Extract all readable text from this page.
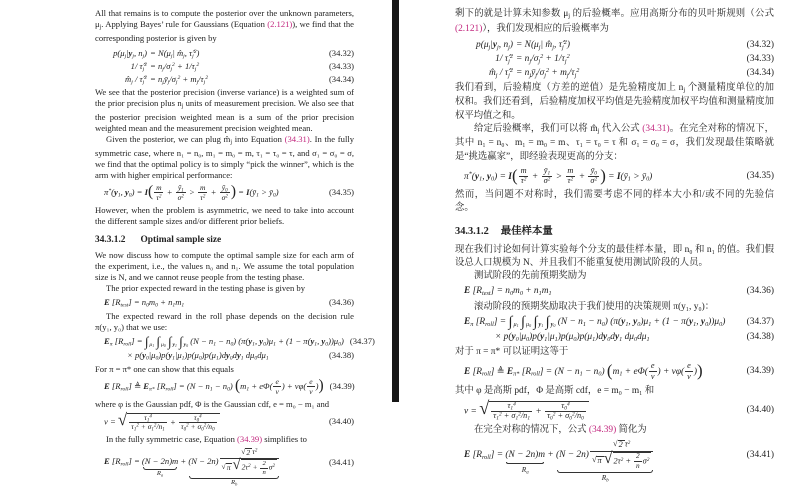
All that remains is to compute the posterior over the unknown parameters, μj. Applying Bayes’ rule for Gaussians (Equation (2.121)), we find that the corresponding posterior is given by

$p(\mu_j|y_j$, $n_j) = N(\mu_j|$ $m̂_j$, $\taû_j^2$)	(34.32)
1/ $\taû_j^2 = n_j/\sigma_j^2 + 1/\tau_j^2$	(34.33)
$m̂_j$ / $\taû_j^2$ = $n_jȳ_j/\sigma_j^2 + m_j/\tau_j^2$	(34.34)

We see that the posterior precision (inverse variance) is a weighted sum of the prior precision plus nj units of measurement precision. We also see that the posterior precision weighted mean is a sum of the prior precision weighted mean and the measurement precision weighted mean.

Given the posterior, we can plug m̂j into Equation (34.31). In the fully symmetric case, where n₁ = n₀, m₁ = m₀ = m, τ₁ = τ₀ = τ, and σ₁ = σ₀ = σ, we find that the optimal policy is to simply “pick the winner”, which is the arm with higher empirical performance:

$\pi^*(y_1$, $y_0) = I( \frac{m}{\tau^2} + \frac{ȳ_1}{\sigma^2} > \frac{m}{\tau^2} + \frac{ȳ_0}{\sigma^2}$ ) = $I(ȳ_1$ > $ȳ_0$)	(34.35)

However, when the problem is asymmetric, we need to take into account the different sample sizes and/or different prior beliefs.

34.3.1.2 Optimal sample size

We now discuss how to compute the optimal sample size for each arm of the experiment, i.e., the values n₀ and n₁. We assume the total population size is N, and we cannot reuse people from the testing phase.

The prior expected reward in the testing phase is given by

E $[R_{test}] = n_0m_0 + n_1m_1$	(34.36)

The expected reward in the roll phase depends on the decision rule π(y₁, y₀) that we use:

$E_\pi$ $[R_{roll}] = \int_{\mu_1}$ $\int_{\mu_0}$ $\int_{y_1}$ $\int_{y_0}$ $(N - n_1 - n_0)$ ($\pi(y_1$, $y_0)\mu_1 + (1 - \pi(y_1$, $y_0))\mu_0$) (34.37)
× $p(y_0|\mu_0)p(y_1|\mu_1)p(\mu_0)p(\mu_1)dy_0dy_1$ $d\mu_0d\mu_1$	(34.38)

For π = π* one can show that this equals

E $[R_{roll}]$ ≜ $E_{\pi*}$ $[R_{roll}] = (N - n_1 - n_0) (m_1 + e\Phi( \frac{e}{v}$ ) + $v\varphi( \frac{e}{v}$ )) (34.39)

where φ is the Gaussian pdf, Φ is the Gaussian cdf, e = m₀ − m₁ and

v = √ $\frac{\tau_1^4}{\tau_1^2 + \sigma_1^2/n_1} + \frac{\tau_0^4}{\tau_0^2 + \sigma_0^2/n_0}$	(34.40)

In the fully symmetric case, Equation (34.39) simplifies to

E $[R_{roll}] = (N - 2n)m$
$R_a$
+ $(N - 2n) \frac{√ 2 \tau^2}{√ \pi √ 2\tau^2 + \frac{2}{n} \sigma^2}$
$R_b$
(34.41)

剩下的就是计算未知参数 μj 的后验概率。应用高斯分布的贝叶斯规则（公式 (2.121)），我们发现相应的后验概率为

$p(\mu_j|y_j$, $n_j) = N(\mu_j|$ $m̂_j$, $\taû_j^2$)	(34.32)
1/ $\taû_j^2 = n_j/\sigma_j^2 + 1/\tau_j^2$	(34.33)
$m̂_j$ / $\taû_j^2$ = $n_jȳ_j/\sigma_j^2 + m_j/\tau_j^2$	(34.34)

我们看到，后验精度（方差的逆值）是先验精度加上 nj 个测量精度单位的加权和。我们还看到，后验精度加权平均值是先验精度加权平均值和测量精度加权平均值之和。

给定后验概率，我们可以将 m̂j 代入公式 (34.31)。在完全对称的情况下，其中 n₁ = n₀、m₁ = m₀ = m、τ₁ = τ₀ = τ 和 σ₁ = σ₀ = σ，我们发现最佳策略就是“挑选赢家”，即经验表现更高的分支：

$\pi^*(y_1$, $y_0) = I( \frac{m}{\tau^2} + \frac{ȳ_1}{\sigma^2} > \frac{m}{\tau^2} + \frac{ȳ_0}{\sigma^2}$ ) = $I(ȳ_1$ > $ȳ_0$)	(34.35)

然而，当问题不对称时，我们需要考虑不同的样本大小和/或不同的先验信念。

34.3.1.2 最佳样本量

现在我们讨论如何计算实验每个分支的最佳样本量，即 n₀ 和 n₁ 的值。我们假设总人口规模为 N、并且我们不能重复使用测试阶段的人员。

测试阶段的先前预期奖励为

E $[R_{test}] = n_0m_0 + n_1m_1$	(34.36)

滚动阶段的预期奖励取决于我们使用的决策规则 π(y₁, y₀)：

$E_\pi$ $[R_{roll}] = \int_{\mu_1}$ $\int_{\mu_0}$ $\int_{y_1}$ $\int_{y_0}$ $(N - n_1 - n_0)$ ($\pi(y_1$, $y_0)\mu_1 + (1 - \pi(y_1$, $y_0))\mu_0$)	(34.37)
× $p(y_0|\mu_0)p(y_1|\mu_1)p(\mu_0)p(\mu_1)dy_0dy_1$ $d\mu_0d\mu_1$	(34.38)

对于 π = π* 可以证明这等于

E $[R_{roll}]$ ≜ $E_{\pi*}$ $[R_{roll}] = (N - n_1 - n_0) (m_1 + e\Phi( \frac{e}{v}$ ) + $v\varphi( \frac{e}{v}$ ))	(34.39)

其中 φ 是高斯 pdf，Φ 是高斯 cdf，e = m₀ − m₁ 和

v = √ $\frac{\tau_1^4}{\tau_1^2 + \sigma_1^2/n_1} + \frac{\tau_0^4}{\tau_0^2 + \sigma_0^2/n_0}$	(34.40)

在完全对称的情况下，公式 (34.39) 简化为

E $[R_{roll}] = (N - 2n)m$
$R_a$
+ $(N - 2n) \frac{√ 2 \tau^2}{√ \pi √ 2\tau^2 + \frac{2}{n} \sigma^2}$
$R_b$
(34.41)
